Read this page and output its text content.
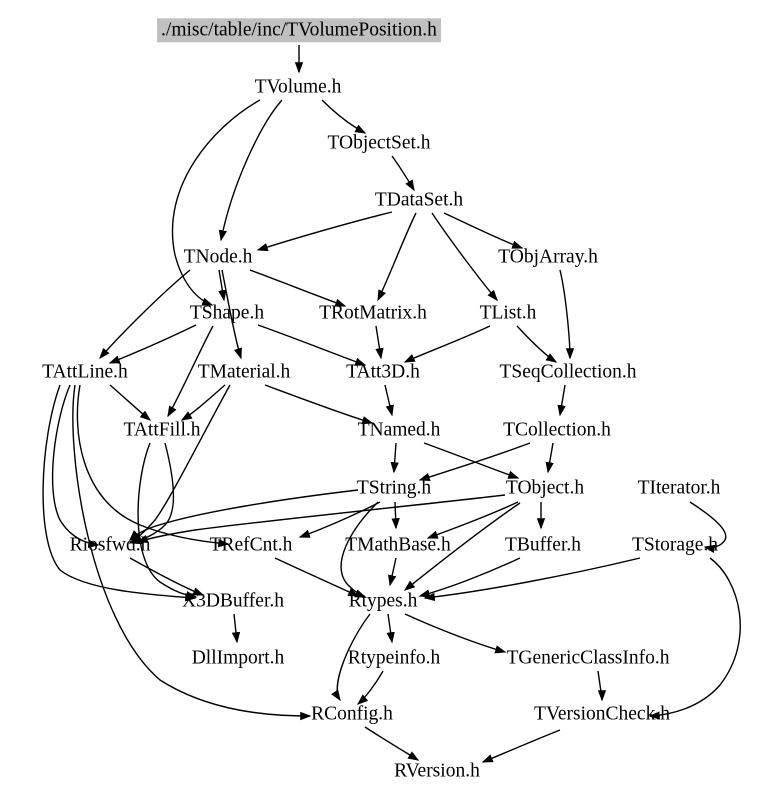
./misc/table/inc/TVolumePosition.h
TVolume.h
TObjectSet.h
TDataSet.h
TNode.h	TObjArray.h
TShape.h	TRotMatrix.h	TList.h
TAttLine.h	TMaterial.h	TAtt3D.h	TSeqCollection.h
TAttFill.h	TNamed.h	TCollection.h
TString.h	TObject.h	TIterator.h
Riosfwd.h	TRefCnt.h	TMathBase.h	TBuffer.h	TStorage.h
X3DBuffer.h	Rtypes.h
DllImport.h	Rtypeinfo.h	TGenericClassInfo.h
RConfig.h	TVersionCheck.h
RVersion.h
